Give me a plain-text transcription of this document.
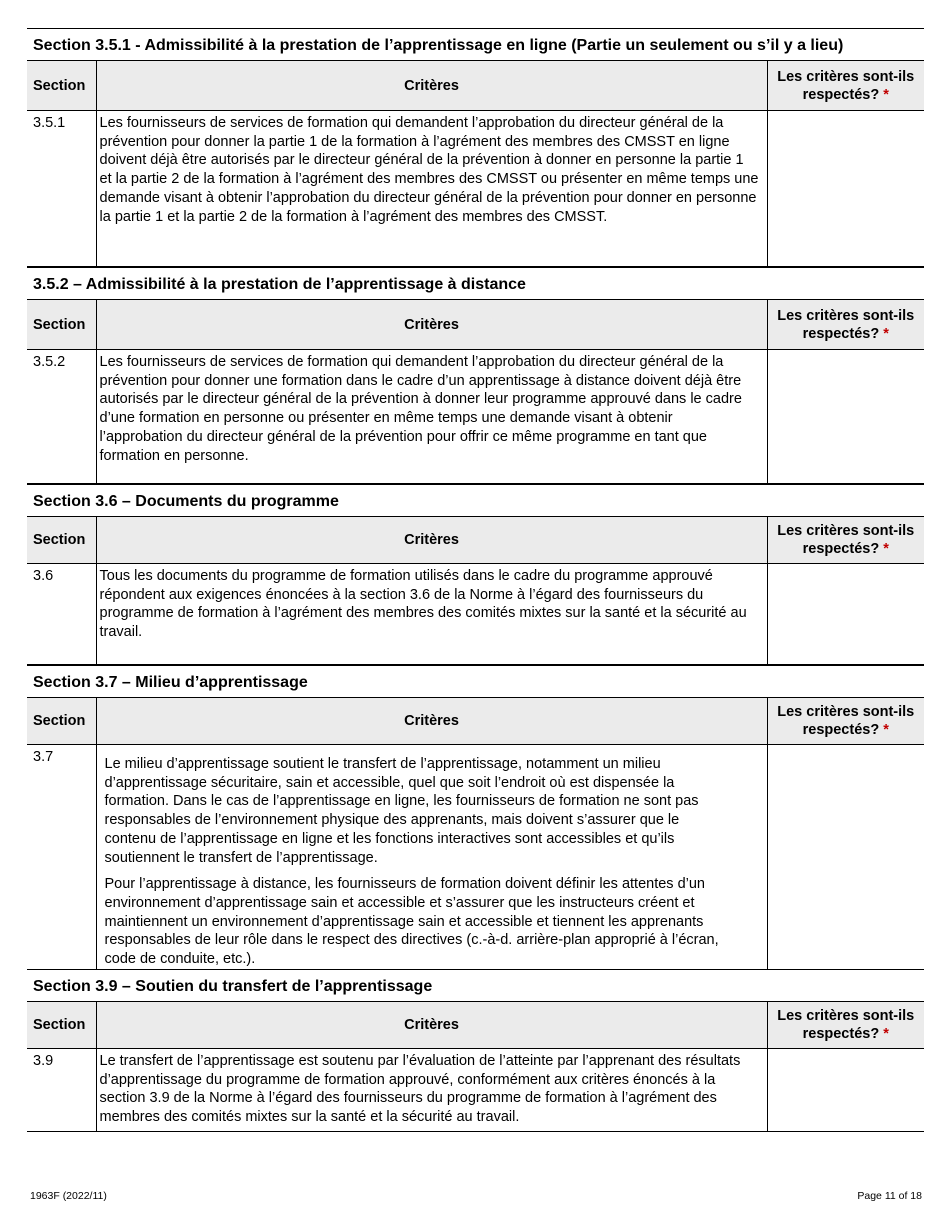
Section 3.5.1 - Admissibilité à la prestation de l’apprentissage en ligne (Partie un seulement ou s’il y a lieu)
Section	Critères	Les critères sont-ils respectés? *
3.5.1	Les fournisseurs de services de formation qui demandent l’approbation du directeur général de la prévention pour donner la partie 1 de la formation à l’agrément des membres des CMSST en ligne doivent déjà être autorisés par le directeur général de la prévention à donner en personne la partie 1 et la partie 2 de la formation à l’agrément des membres des CMSST ou présenter en même temps une demande visant à obtenir l’approbation du directeur général de la prévention pour donner en personne la partie 1 et la partie 2 de la formation à l’agrément des membres des CMSST.	

3.5.2 – Admissibilité à la prestation de l’apprentissage à distance
Section	Critères	Les critères sont-ils respectés? *
3.5.2	Les fournisseurs de services de formation qui demandent l’approbation du directeur général de la prévention pour donner une formation dans le cadre d’un apprentissage à distance doivent déjà être autorisés par le directeur général de la prévention à donner leur programme approuvé dans le cadre d’une formation en personne ou présenter en même temps une demande visant à obtenir l’approbation du directeur général de la prévention pour offrir ce même programme en tant que formation en personne.	

Section 3.6 – Documents du programme
Section	Critères	Les critères sont-ils respectés? *
3.6	Tous les documents du programme de formation utilisés dans le cadre du programme approuvé répondent aux exigences énoncées à la section 3.6 de la Norme à l’égard des fournisseurs du programme de formation à l’agrément des membres des comités mixtes sur la santé et la sécurité au travail.	

Section 3.7 – Milieu d’apprentissage
Section	Critères	Les critères sont-ils respectés? *
3.7	Le milieu d’apprentissage soutient le transfert de l’apprentissage, notamment un milieu d’apprentissage sécuritaire, sain et accessible, quel que soit l’endroit où est dispensée la formation. Dans le cas de l’apprentissage en ligne, les fournisseurs de formation ne sont pas responsables de l’environnement physique des apprenants, mais doivent s’assurer que le contenu de l’apprentissage en ligne et les fonctions interactives sont accessibles et qu’ils soutiennent le transfert de l’apprentissage.

Pour l’apprentissage à distance, les fournisseurs de formation doivent définir les attentes d’un environnement d’apprentissage sain et accessible et s’assurer que les instructeurs créent et maintiennent un environnement d’apprentissage sain et accessible et tiennent les apprenants responsables de leur rôle dans le respect des directives (c.-à-d. arrière-plan approprié à l’écran, code de conduite, etc.).	

Section 3.9 – Soutien du transfert de l’apprentissage
Section	Critères	Les critères sont-ils respectés? *
3.9	Le transfert de l’apprentissage est soutenu par l’évaluation de l’atteinte par l’apprenant des résultats d’apprentissage du programme de formation approuvé, conformément aux critères énoncés à la section 3.9 de la Norme à l’égard des fournisseurs du programme de formation à l’agrément des membres des comités mixtes sur la santé et la sécurité au travail.	

1963F (2022/11)	Page 11 of 18
